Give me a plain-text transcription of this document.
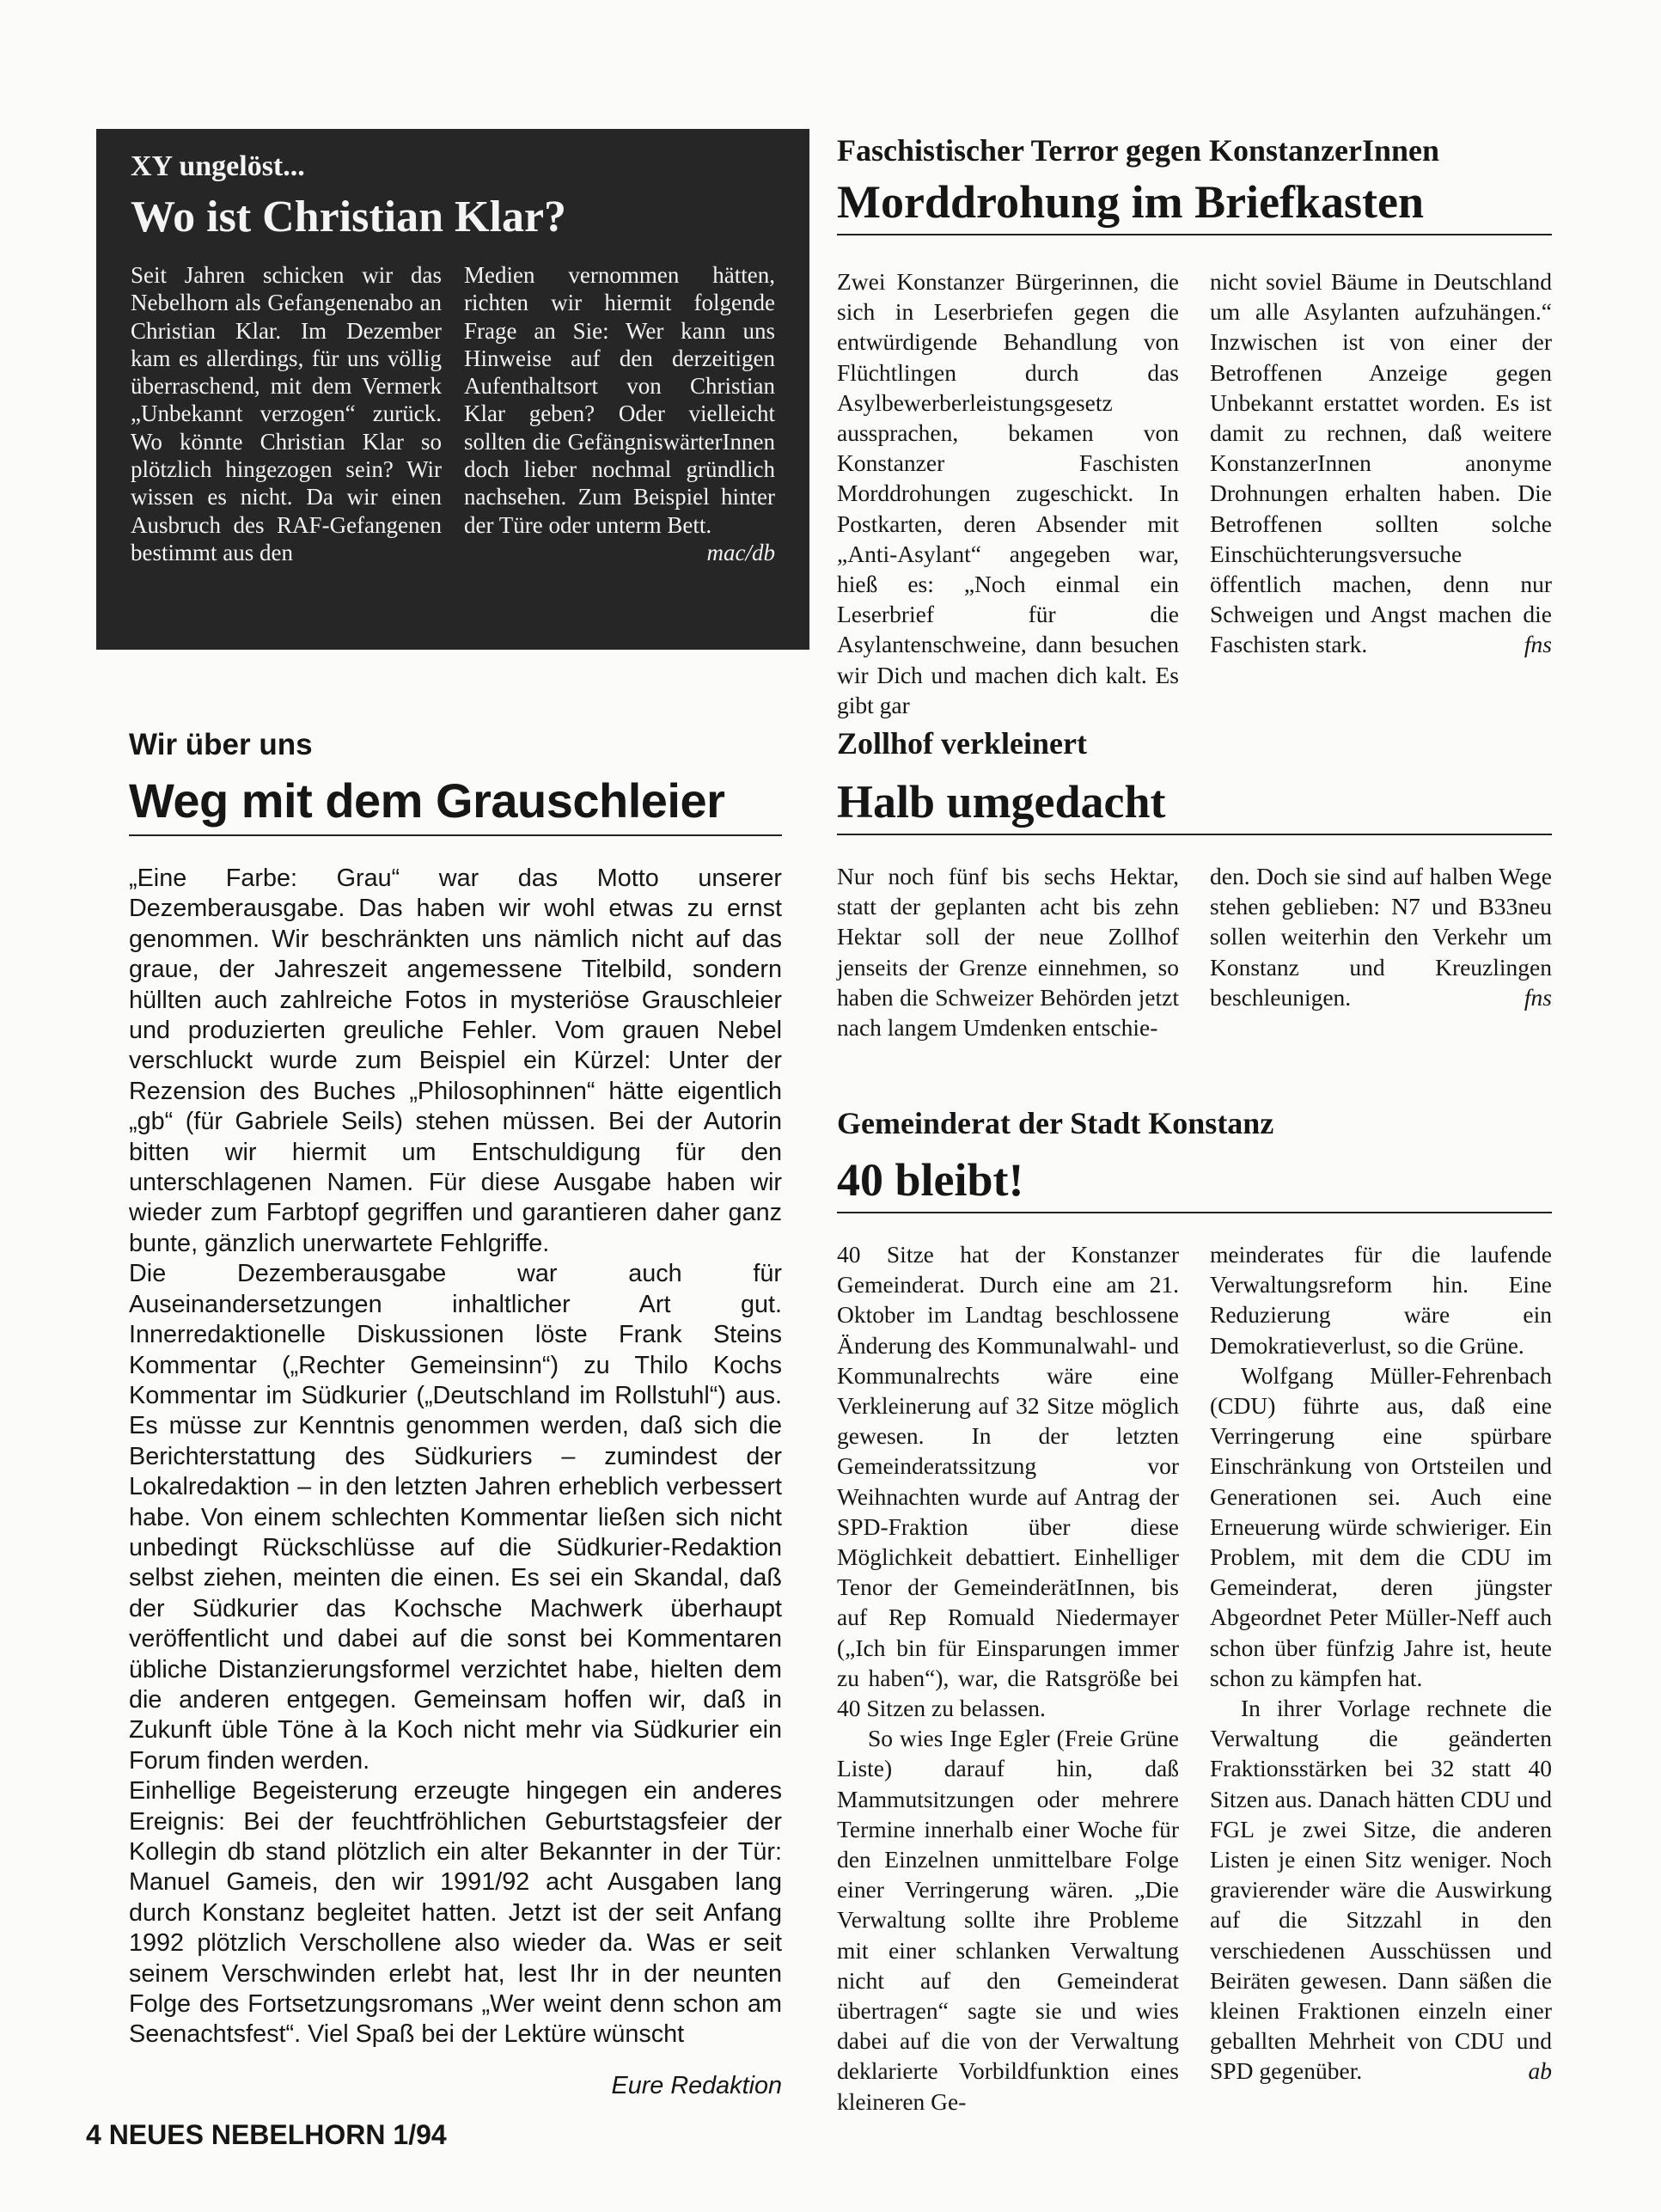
XY ungelöst...
Wo ist Christian Klar?
Seit Jahren schicken wir das Nebelhorn als Gefangenenabo an Christian Klar. Im Dezember kam es allerdings, für uns völlig überraschend, mit dem Vermerk „Unbekannt verzogen“ zurück. Wo könnte Christian Klar so plötzlich hingezogen sein? Wir wissen es nicht. Da wir einen Ausbruch des RAF-Gefangenen bestimmt aus den
Medien vernommen hätten, richten wir hiermit folgende Frage an Sie: Wer kann uns Hinweise auf den derzeitigen Aufenthaltsort von Christian Klar geben? Oder vielleicht sollten die GefängniswärterInnen doch lieber nochmal gründlich nachsehen. Zum Beispiel hinter der Türe oder unterm Bett.
mac/db
Faschistischer Terror gegen KonstanzerInnen
Morddrohung im Briefkasten
Zwei Konstanzer Bürgerinnen, die sich in Leserbriefen gegen die entwürdigende Behandlung von Flüchtlingen durch das Asylbewerberleistungsgesetz aussprachen, bekamen von Konstanzer Faschisten Morddrohungen zugeschickt. In Postkarten, deren Absender mit „Anti-Asylant“ angegeben war, hieß es: „Noch einmal ein Leserbrief für die Asylantenschweine, dann besuchen wir Dich und machen dich kalt. Es gibt gar
nicht soviel Bäume in Deutschland um alle Asylanten aufzuhängen.“ Inzwischen ist von einer der Betroffenen Anzeige gegen Unbekannt erstattet worden. Es ist damit zu rechnen, daß weitere KonstanzerInnen anonyme Drohnungen erhalten haben. Die Betroffenen sollten solche Einschüchterungsversuche öffentlich machen, denn nur Schweigen und Angst machen die Faschisten stark.	fns
Wir über uns
Weg mit dem Grauschleier

„Eine Farbe: Grau“ war das Motto unserer Dezemberausgabe. Das haben wir wohl etwas zu ernst genommen. Wir beschränkten uns nämlich nicht auf das graue, der Jahreszeit angemessene Titelbild, sondern hüllten auch zahlreiche Fotos in mysteriöse Grauschleier und produzierten greuliche Fehler. Vom grauen Nebel verschluckt wurde zum Beispiel ein Kürzel: Unter der Rezension des Buches „Philosophinnen“ hätte eigentlich „gb“ (für Gabriele Seils) stehen müssen. Bei der Autorin bitten wir hiermit um Entschuldigung für den unterschlagenen Namen. Für diese Ausgabe haben wir wieder zum Farbtopf gegriffen und garantieren daher ganz bunte, gänzlich unerwartete Fehlgriffe.

Die Dezemberausgabe war auch für Auseinandersetzungen inhaltlicher Art gut. Innerredaktionelle Diskussionen löste Frank Steins Kommentar („Rechter Gemeinsinn“) zu Thilo Kochs Kommentar im Südkurier („Deutschland im Rollstuhl“) aus. Es müsse zur Kenntnis genommen werden, daß sich die Berichterstattung des Südkuriers – zumindest der Lokalredaktion – in den letzten Jahren erheblich verbessert habe. Von einem schlechten Kommentar ließen sich nicht unbedingt Rückschlüsse auf die Südkurier-Redaktion selbst ziehen, meinten die einen. Es sei ein Skandal, daß der Südkurier das Kochsche Machwerk überhaupt veröffentlicht und dabei auf die sonst bei Kommentaren übliche Distanzierungsformel verzichtet habe, hielten dem die anderen entgegen. Gemeinsam hoffen wir, daß in Zukunft üble Töne à la Koch nicht mehr via Südkurier ein Forum finden werden.

Einhellige Begeisterung erzeugte hingegen ein anderes Ereignis: Bei der feuchtfröhlichen Geburtstagsfeier der Kollegin db stand plötzlich ein alter Bekannter in der Tür: Manuel Gameis, den wir 1991/92 acht Ausgaben lang durch Konstanz begleitet hatten. Jetzt ist der seit Anfang 1992 plötzlich Verschollene also wieder da. Was er seit seinem Verschwinden erlebt hat, lest Ihr in der neunten Folge des Fortsetzungsromans „Wer weint denn schon am Seenachtsfest“. Viel Spaß bei der Lektüre wünscht

Eure Redaktion

Zollhof verkleinert
Halb umgedacht
Nur noch fünf bis sechs Hektar, statt der geplanten acht bis zehn Hektar soll der neue Zollhof jenseits der Grenze einnehmen, so haben die Schweizer Behörden jetzt nach langem Umdenken entschie-
den. Doch sie sind auf halben Wege stehen geblieben: N7 und B33neu sollen weiterhin den Verkehr um Konstanz und Kreuzlingen beschleunigen.	fns
Gemeinderat der Stadt Konstanz
40 bleibt!

40 Sitze hat der Konstanzer Gemeinderat. Durch eine am 21. Oktober im Landtag beschlossene Änderung des Kommunalwahl- und Kommunalrechts wäre eine Verkleinerung auf 32 Sitze möglich gewesen. In der letzten Gemeinderatssitzung vor Weihnachten wurde auf Antrag der SPD-Fraktion über diese Möglichkeit debattiert. Einhelliger Tenor der GemeinderätInnen, bis auf Rep Romuald Niedermayer („Ich bin für Einsparungen immer zu haben“), war, die Ratsgröße bei 40 Sitzen zu belassen.

So wies Inge Egler (Freie Grüne Liste) darauf hin, daß Mammutsitzungen oder mehrere Termine innerhalb einer Woche für den Einzelnen unmittelbare Folge einer Verringerung wären. „Die Verwaltung sollte ihre Probleme mit einer schlanken Verwaltung nicht auf den Gemeinderat übertragen“ sagte sie und wies dabei auf die von der Verwaltung deklarierte Vorbildfunktion eines kleineren Ge-

meinderates für die laufende Verwaltungsreform hin. Eine Reduzierung wäre ein Demokratieverlust, so die Grüne.

Wolfgang Müller-Fehrenbach (CDU) führte aus, daß eine Verringerung eine spürbare Einschränkung von Ortsteilen und Generationen sei. Auch eine Erneuerung würde schwieriger. Ein Problem, mit dem die CDU im Gemeinderat, deren jüngster Abgeordnet Peter Müller-Neff auch schon über fünfzig Jahre ist, heute schon zu kämpfen hat.

In ihrer Vorlage rechnete die Verwaltung die geänderten Fraktionsstärken bei 32 statt 40 Sitzen aus. Danach hätten CDU und FGL je zwei Sitze, die anderen Listen je einen Sitz weniger. Noch gravierender wäre die Auswirkung auf die Sitzzahl in den verschiedenen Ausschüssen und Beiräten gewesen. Dann säßen die kleinen Fraktionen einzeln einer geballten Mehrheit von CDU und SPD gegenüber.	ab

4 NEUES NEBELHORN 1/94
